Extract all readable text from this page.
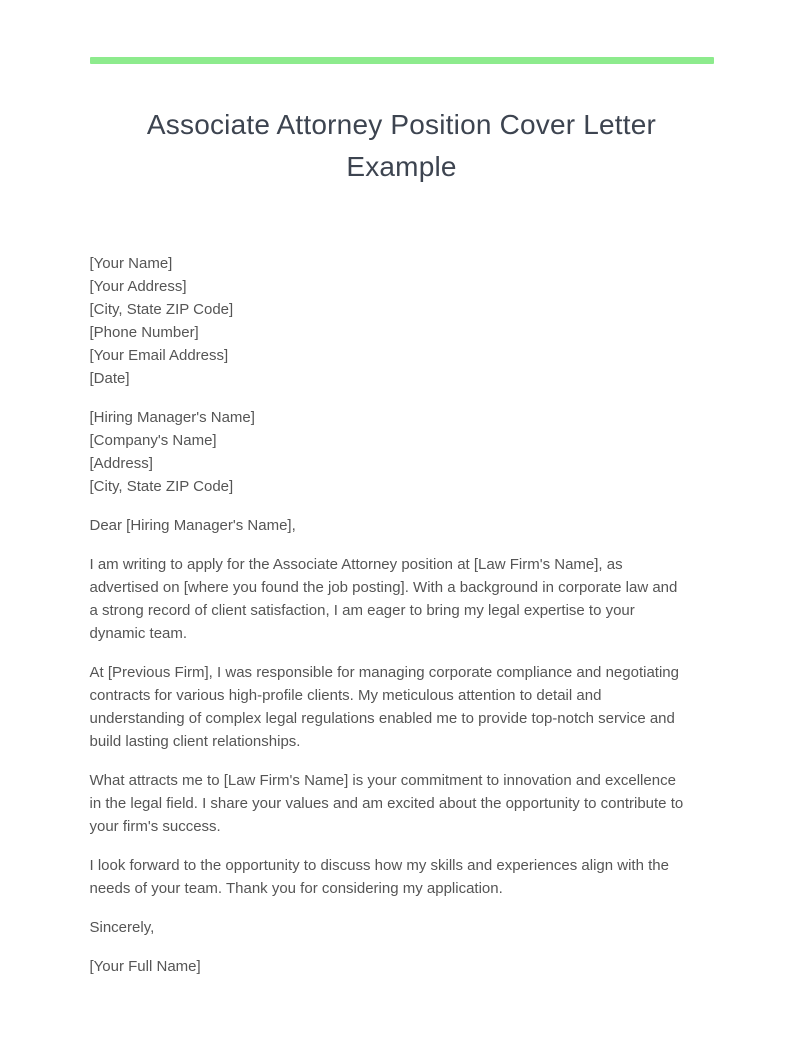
Associate Attorney Position Cover Letter Example
[Your Name]
[Your Address]
[City, State ZIP Code]
[Phone Number]
[Your Email Address]
[Date]
[Hiring Manager's Name]
[Company's Name]
[Address]
[City, State ZIP Code]

Dear [Hiring Manager's Name],

I am writing to apply for the Associate Attorney position at [Law Firm's Name], as advertised on [where you found the job posting]. With a background in corporate law and a strong record of client satisfaction, I am eager to bring my legal expertise to your dynamic team.

At [Previous Firm], I was responsible for managing corporate compliance and negotiating contracts for various high-profile clients. My meticulous attention to detail and understanding of complex legal regulations enabled me to provide top-notch service and build lasting client relationships.

What attracts me to [Law Firm's Name] is your commitment to innovation and excellence in the legal field. I share your values and am excited about the opportunity to contribute to your firm's success.

I look forward to the opportunity to discuss how my skills and experiences align with the needs of your team. Thank you for considering my application.

Sincerely,

[Your Full Name]
